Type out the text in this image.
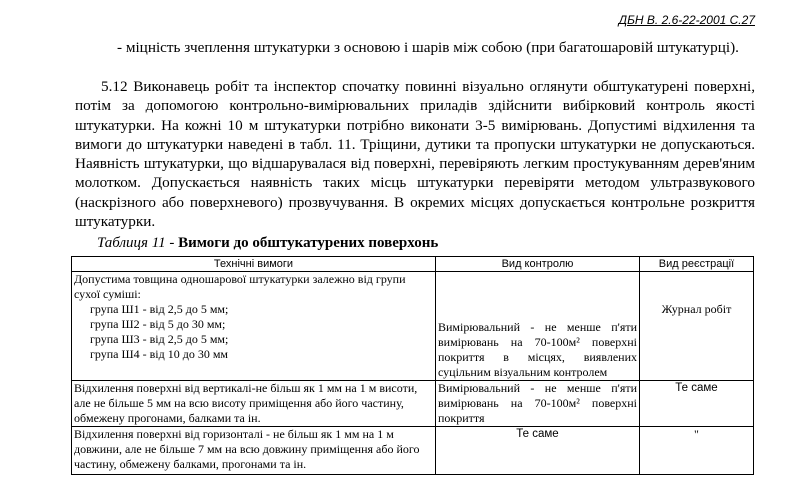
ДБН В. 2.6-22-2001 С.27
- міцність зчеплення штукатурки з основою і шарів між собою (при багатошаровій штукатурці).
5.12 Виконавець робіт та інспектор спочатку повинні візуально оглянути обштукатурені поверхні, потім за допомогою контрольно-вимірювальних приладів здійснити вибірковий контроль якості штукатурки. На кожні 10 м штукатурки потрібно виконати 3-5 вимірювань. Допустимі відхилення та вимоги до штукатурки наведені в табл. 11. Тріщини, дутики та пропуски штукатурки не допускаються. Наявність штукатурки, що відшарувалася від поверхні, перевіряють легким простукуванням дерев'яним молотком. Допускається наявність таких місць штукатурки перевіряти методом ультразвукового (наскрізного або поверхневого) прозвучування. В окремих місцях допускається контрольне розкриття штукатурки.
Таблиця 11 - Вимоги до обштукатурених поверхонь
Технічні вимоги	Вид контролю	Вид реєстрації

Допустима товщина одношарової штукатурки залежно від групи сухої суміші:
група Ш1 - від 2,5 до 5 мм;
група Ш2 - від 5 до 30 мм;
група Ш3 - від 2,5 до 5 мм;
група Ш4 - від 10 до 30 мм	Вимірювальний - не менше п'яти вимірювань на 70-100м² поверхні покриття в місцях, виявлених суцільним візуальним контролем	Журнал робіт
Відхилення поверхні від вертикалі-не більш як 1 мм на 1 м висоти, але не більше 5 мм на всю висоту приміщення або його частину, обмежену прогонами, балками та ін.	Вимірювальний - не менше п'яти вимірювань на 70-100м² поверхні покриття	Те саме
Відхилення поверхні від горизонталі - не більш як 1 мм на 1 м довжини, але не більше 7 мм на всю довжину приміщення або його частину, обмежену балками, прогонами та ін.	Те саме	"
